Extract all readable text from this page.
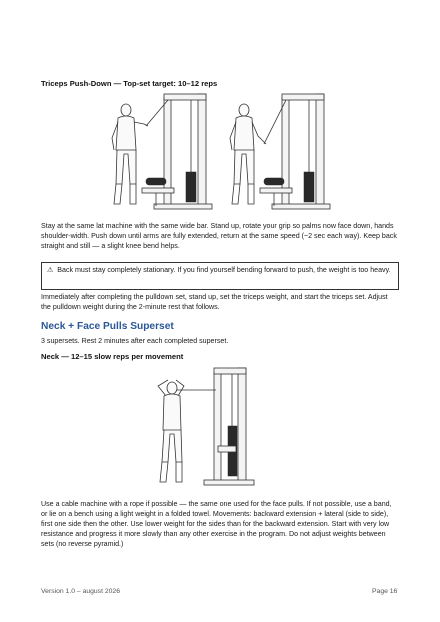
Triceps Push-Down — Top-set target: 10–12 reps
Stay at the same lat machine with the same wide bar. Stand up, rotate your grip so palms now face down, hands shoulder-width. Push down until arms are fully extended, return at the same speed (~2 sec each way). Keep back straight and still — a slight knee bend helps.
⚠ Back must stay completely stationary. If you find yourself bending forward to push, the weight is too heavy.
Immediately after completing the pulldown set, stand up, set the triceps weight, and start the triceps set. Adjust the pulldown weight during the 2-minute rest that follows.
Neck + Face Pulls Superset
3 supersets. Rest 2 minutes after each completed superset.
Neck — 12–15 slow reps per movement
Use a cable machine with a rope if possible — the same one used for the face pulls. If not possible, use a band, or lie on a bench using a light weight in a folded towel. Movements: backward extension + lateral (side to side), first one side then the other. Use lower weight for the sides than for the backward extension. Start with very low resistance and progress it more slowly than any other exercise in the program. Do not adjust weights between sets (no reverse pyramid.)
Version 1.0 – august 2026	Page 16
